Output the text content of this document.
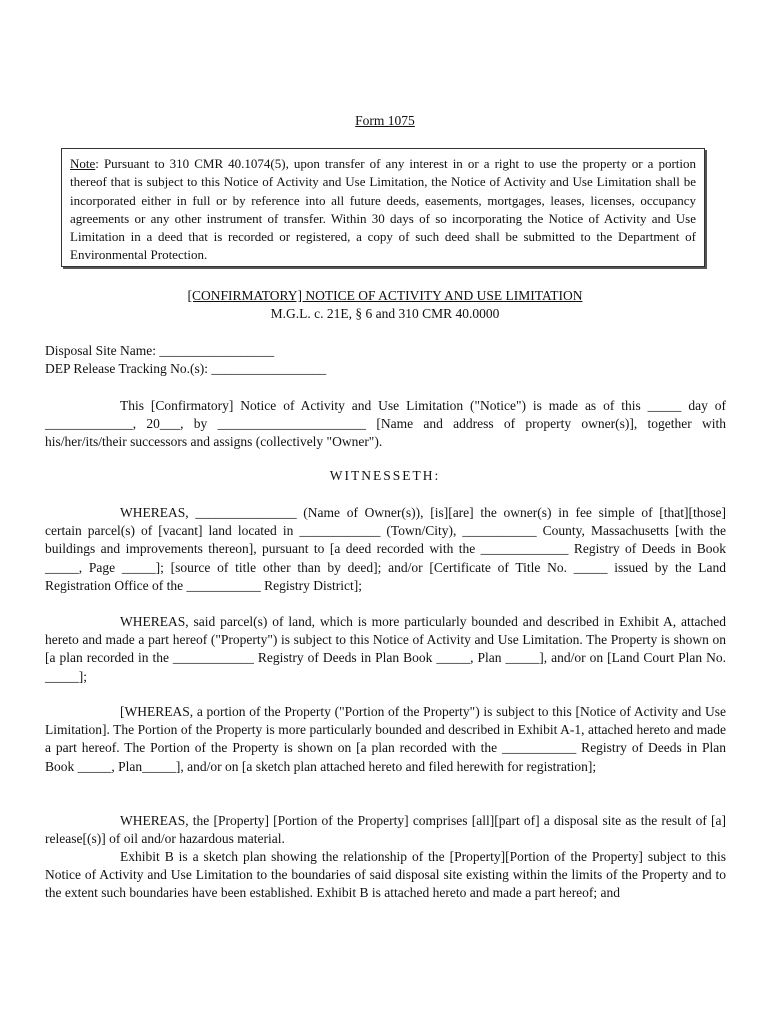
Form 1075
Note: Pursuant to 310 CMR 40.1074(5), upon transfer of any interest in or a right to use the property or a portion thereof that is subject to this Notice of Activity and Use Limitation, the Notice of Activity and Use Limitation shall be incorporated either in full or by reference into all future deeds, easements, mortgages, leases, licenses, occupancy agreements or any other instrument of transfer. Within 30 days of so incorporating the Notice of Activity and Use Limitation in a deed that is recorded or registered, a copy of such deed shall be submitted to the Department of Environmental Protection.
[CONFIRMATORY] NOTICE OF ACTIVITY AND USE LIMITATION
M.G.L. c. 21E, § 6 and 310 CMR 40.0000
Disposal Site Name: _________________
DEP Release Tracking No.(s): _________________
This [Confirmatory] Notice of Activity and Use Limitation ("Notice") is made as of this _____ day of _____________, 20___, by ______________________ [Name and address of property owner(s)], together with his/her/its/their successors and assigns (collectively "Owner").
WITNESSETH:
WHEREAS, _______________ (Name of Owner(s)), [is][are] the owner(s) in fee simple of [that][those] certain parcel(s) of [vacant] land located in ____________ (Town/City), ___________ County, Massachusetts [with the buildings and improvements thereon], pursuant to [a deed recorded with the _____________ Registry of Deeds in Book _____, Page _____]; [source of title other than by deed]; and/or [Certificate of Title No. _____ issued by the Land Registration Office of the ___________ Registry District];
WHEREAS, said parcel(s) of land, which is more particularly bounded and described in Exhibit A, attached hereto and made a part hereof ("Property") is subject to this Notice of Activity and Use Limitation. The Property is shown on [a plan recorded in the ____________ Registry of Deeds in Plan Book _____, Plan _____], and/or on [Land Court Plan No. _____];
[WHEREAS, a portion of the Property ("Portion of the Property") is subject to this [Notice of Activity and Use Limitation]. The Portion of the Property is more particularly bounded and described in Exhibit A-1, attached hereto and made a part hereof. The Portion of the Property is shown on [a plan recorded with the ___________ Registry of Deeds in Plan Book _____, Plan_____], and/or on [a sketch plan attached hereto and filed herewith for registration];
WHEREAS, the [Property] [Portion of the Property] comprises [all][part of] a disposal site as the result of [a] release[(s)] of oil and/or hazardous material.
Exhibit B is a sketch plan showing the relationship of the [Property][Portion of the Property] subject to this Notice of Activity and Use Limitation to the boundaries of said disposal site existing within the limits of the Property and to the extent such boundaries have been established. Exhibit B is attached hereto and made a part hereof; and
